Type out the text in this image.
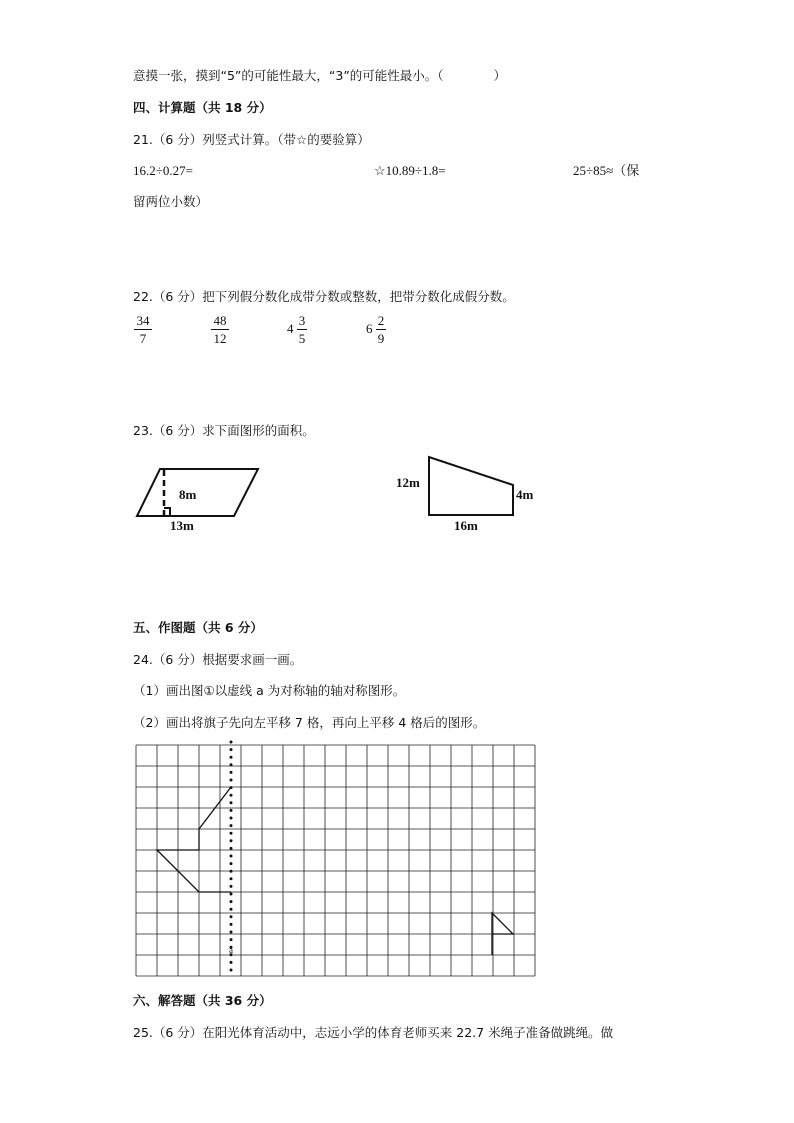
意摸一张，摸到“5”的可能性最大，“3”的可能性最小。（　　　　）
四、计算题（共 18 分）
21.（6 分）列竖式计算。（带☆的要验算）
16.2÷0.27=	☆10.89÷1.8=	25÷85≈（保
留两位小数）
22.（6 分）把下列假分数化成带分数或整数，把带分数化成假分数。
34
7
48
12
4
3
5
6
2
9
23.（6 分）求下面图形的面积。
8m
13m
12m
4m
16m
五、作图题（共 6 分）
24.（6 分）根据要求画一画。
（1）画出图①以虚线 a 为对称轴的轴对称图形。
（2）画出将旗子先向左平移 7 格，再向上平移 4 格后的图形。
a
六、解答题（共 36 分）
25.（6 分）在阳光体育活动中，志远小学的体育老师买来 22.7 米绳子准备做跳绳。做
